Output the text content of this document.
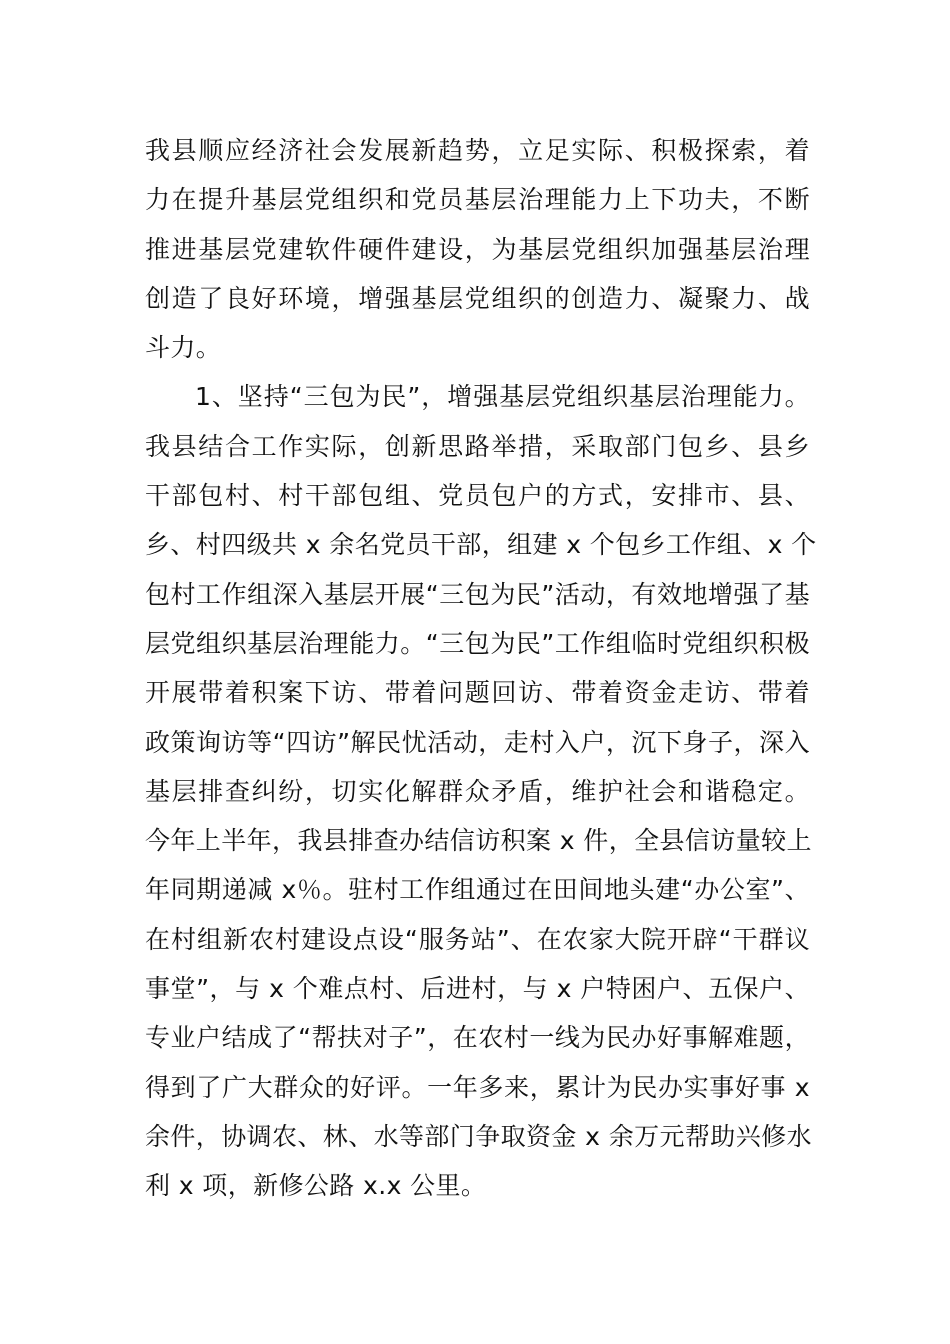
我县顺应经济社会发展新趋势，立足实际、积极探索，着
力在提升基层党组织和党员基层治理能力上下功夫，不断
推进基层党建软件硬件建设，为基层党组织加强基层治理
创造了良好环境，增强基层党组织的创造力、凝聚力、战
斗力。
1、坚持“三包为民”，增强基层党组织基层治理能力。
我县结合工作实际，创新思路举措，采取部门包乡、县乡
干部包村、村干部包组、党员包户的方式，安排市、县、
乡、村四级共 x 余名党员干部，组建 x 个包乡工作组、x 个
包村工作组深入基层开展“三包为民”活动，有效地增强了基
层党组织基层治理能力。“三包为民”工作组临时党组织积极
开展带着积案下访、带着问题回访、带着资金走访、带着
政策询访等“四访”解民忧活动，走村入户，沉下身子，深入
基层排查纠纷，切实化解群众矛盾，维护社会和谐稳定。
今年上半年，我县排查办结信访积案 x 件，全县信访量较上
年同期递减 x％。驻村工作组通过在田间地头建“办公室”、
在村组新农村建设点设“服务站”、在农家大院开辟“干群议
事堂”，与 x 个难点村、后进村，与 x 户特困户、五保户、
专业户结成了“帮扶对子”，在农村一线为民办好事解难题，
得到了广大群众的好评。一年多来，累计为民办实事好事 x
余件，协调农、林、水等部门争取资金 x 余万元帮助兴修水
利 x 项，新修公路 x.x 公里。
